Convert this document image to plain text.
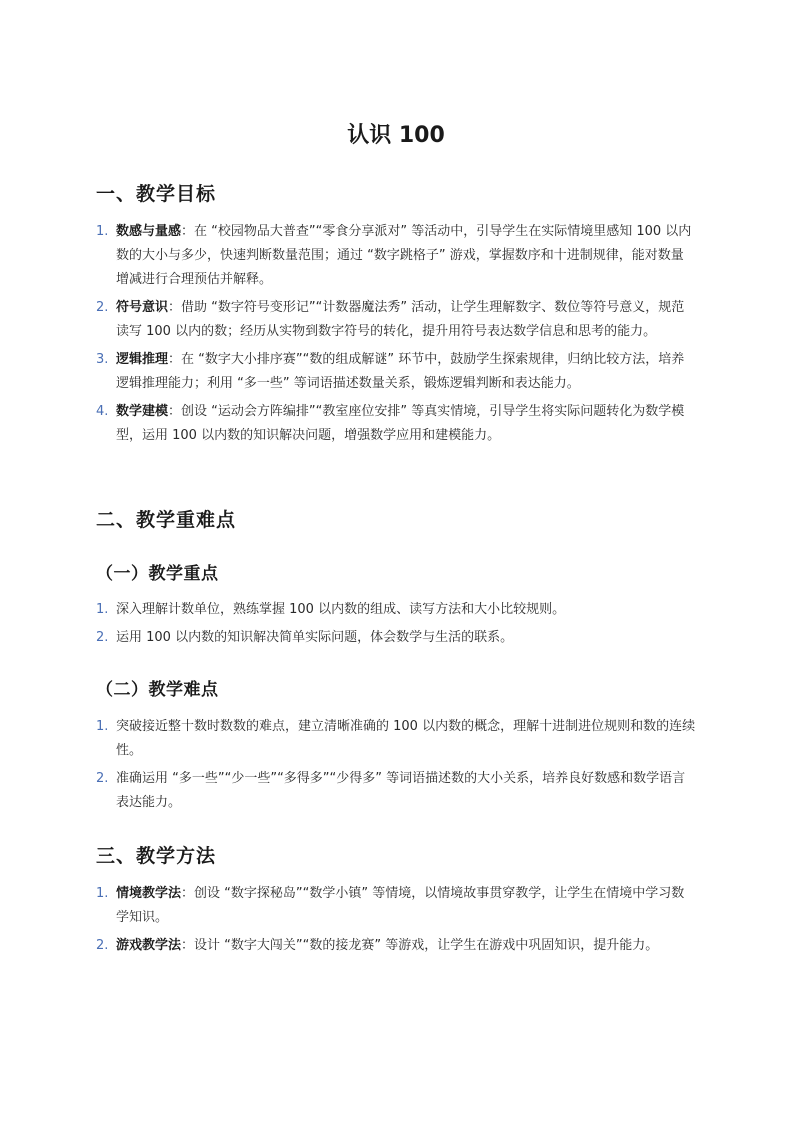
认识 100
一、教学目标
1. 数感与量感：在 “校园物品大普查”“零食分享派对” 等活动中，引导学生在实际情境里感知 100 以内数的大小与多少，快速判断数量范围；通过 “数字跳格子” 游戏，掌握数序和十进制规律，能对数量增减进行合理预估并解释。
2. 符号意识：借助 “数字符号变形记”“计数器魔法秀” 活动，让学生理解数字、数位等符号意义，规范读写 100 以内的数；经历从实物到数字符号的转化，提升用符号表达数学信息和思考的能力。
3. 逻辑推理：在 “数字大小排序赛”“数的组成解谜” 环节中，鼓励学生探索规律，归纳比较方法，培养逻辑推理能力；利用 “多一些” 等词语描述数量关系，锻炼逻辑判断和表达能力。
4. 数学建模：创设 “运动会方阵编排”“教室座位安排” 等真实情境，引导学生将实际问题转化为数学模型，运用 100 以内数的知识解决问题，增强数学应用和建模能力。
二、教学重难点
（一）教学重点
1. 深入理解计数单位，熟练掌握 100 以内数的组成、读写方法和大小比较规则。
2. 运用 100 以内数的知识解决简单实际问题，体会数学与生活的联系。
（二）教学难点
1. 突破接近整十数时数数的难点，建立清晰准确的 100 以内数的概念，理解十进制进位规则和数的连续性。
2. 准确运用 “多一些”“少一些”“多得多”“少得多” 等词语描述数的大小关系，培养良好数感和数学语言表达能力。
三、教学方法
1. 情境教学法：创设 “数字探秘岛”“数学小镇” 等情境，以情境故事贯穿教学，让学生在情境中学习数学知识。
2. 游戏教学法：设计 “数字大闯关”“数的接龙赛” 等游戏，让学生在游戏中巩固知识，提升能力。
